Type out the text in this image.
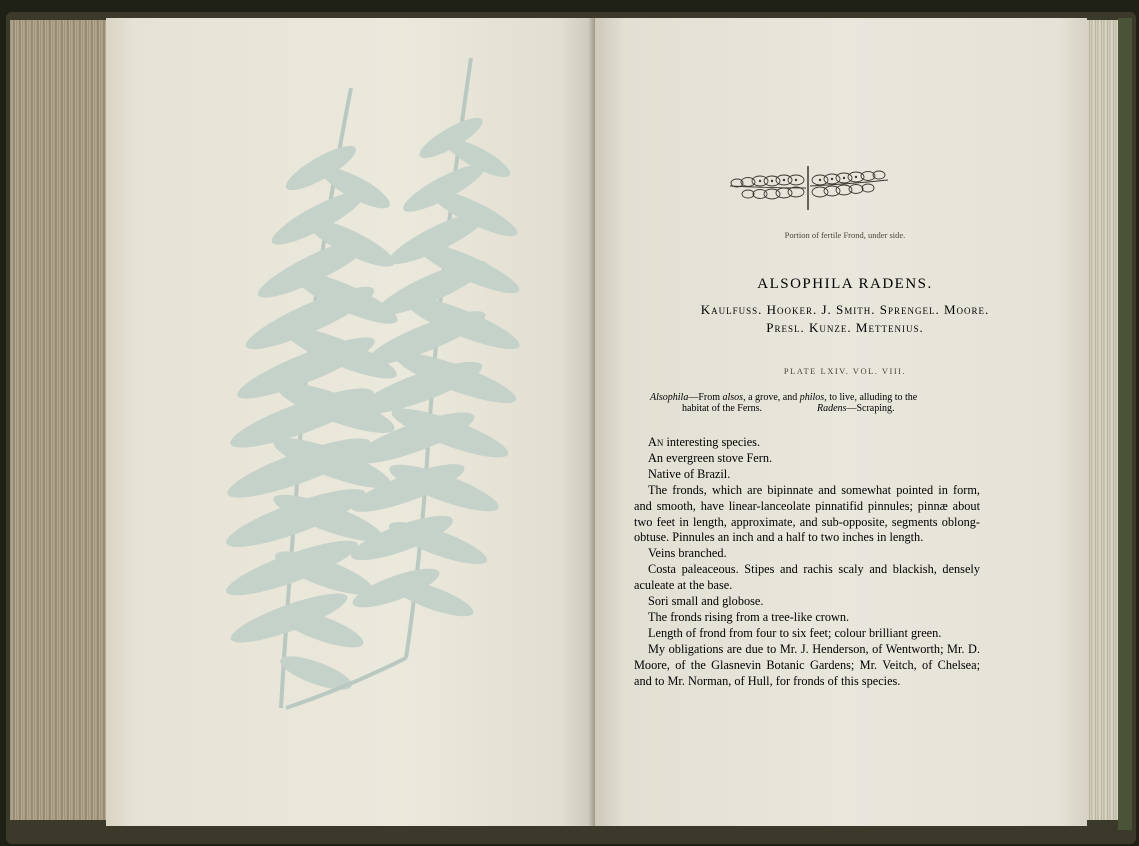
Portion of fertile Frond, under side.
ALSOPHILA RADENS.
Kaulfuss. Hooker. J. Smith. Sprengel. Moore.
Presl. Kunze. Mettenius.
PLATE LXIV. VOL. VIII.
Alsophila—From alsos, a grove, and philos, to live, alluding to the
habitat of the Ferns.	Radens—Scraping.

An interesting species.

An evergreen stove Fern.

Native of Brazil.

The fronds, which are bipinnate and somewhat pointed in form, and smooth, have linear-lanceolate pinnatifid pinnules; pinnæ about two feet in length, approximate, and sub-opposite, segments oblong-obtuse. Pinnules an inch and a half to two inches in length.

Veins branched.

Costa paleaceous. Stipes and rachis scaly and blackish, densely aculeate at the base.

Sori small and globose.

The fronds rising from a tree-like crown.

Length of frond from four to six feet; colour brilliant green.

My obligations are due to Mr. J. Henderson, of Wentworth; Mr. D. Moore, of the Glasnevin Botanic Gardens; Mr. Veitch, of Chelsea; and to Mr. Norman, of Hull, for fronds of this species.
